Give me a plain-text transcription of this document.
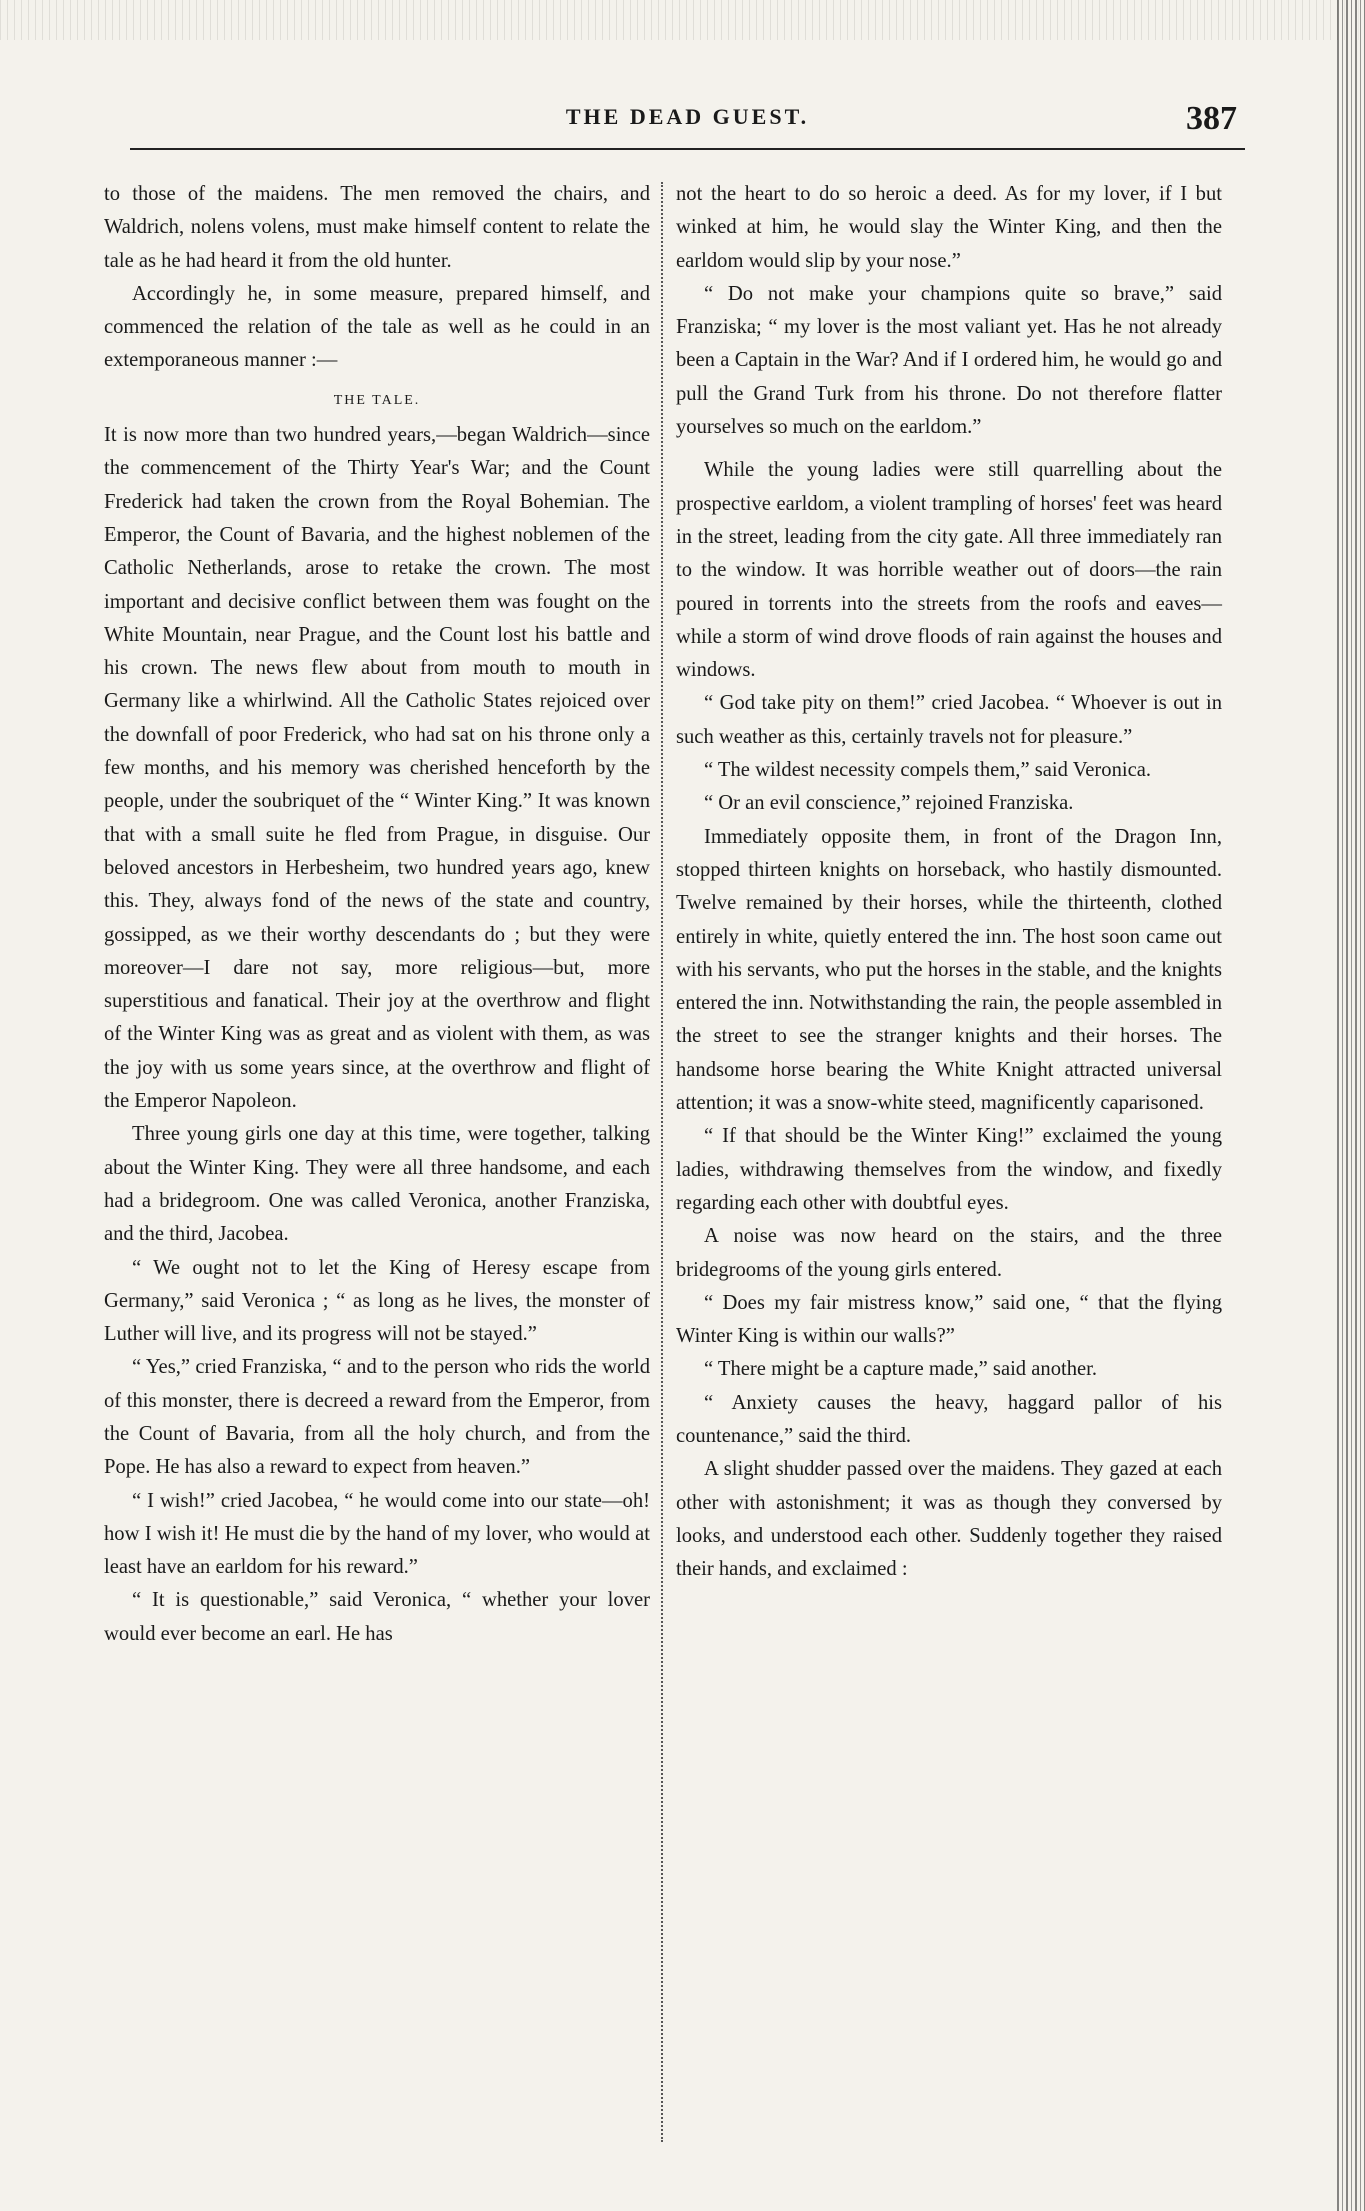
THE DEAD GUEST.	387

to those of the maidens. The men removed the chairs, and Waldrich, nolens volens, must make himself content to relate the tale as he had heard it from the old hunter.

Accordingly he, in some measure, prepared himself, and commenced the relation of the tale as well as he could in an extemporaneous manner :—

THE TALE.

It is now more than two hundred years,—began Waldrich—since the commencement of the Thirty Year's War; and the Count Frederick had taken the crown from the Royal Bohemian. The Emperor, the Count of Bavaria, and the highest noblemen of the Catholic Netherlands, arose to retake the crown. The most important and decisive conflict between them was fought on the White Mountain, near Prague, and the Count lost his battle and his crown. The news flew about from mouth to mouth in Germany like a whirlwind. All the Catholic States rejoiced over the downfall of poor Frederick, who had sat on his throne only a few months, and his memory was cherished henceforth by the people, under the soubriquet of the “ Winter King.” It was known that with a small suite he fled from Prague, in disguise. Our beloved ancestors in Herbesheim, two hundred years ago, knew this. They, always fond of the news of the state and country, gossipped, as we their worthy descendants do ; but they were moreover—I dare not say, more religious—but, more superstitious and fanatical. Their joy at the overthrow and flight of the Winter King was as great and as violent with them, as was the joy with us some years since, at the overthrow and flight of the Emperor Napoleon.

Three young girls one day at this time, were together, talking about the Winter King. They were all three handsome, and each had a bridegroom. One was called Veronica, another Franziska, and the third, Jacobea.

“ We ought not to let the King of Heresy escape from Germany,” said Veronica ; “ as long as he lives, the monster of Luther will live, and its progress will not be stayed.”

“ Yes,” cried Franziska, “ and to the person who rids the world of this monster, there is decreed a reward from the Emperor, from the Count of Bavaria, from all the holy church, and from the Pope. He has also a reward to expect from heaven.”

“ I wish!” cried Jacobea, “ he would come into our state—oh! how I wish it! He must die by the hand of my lover, who would at least have an earldom for his reward.”

“ It is questionable,” said Veronica, “ whether your lover would ever become an earl. He has

not the heart to do so heroic a deed. As for my lover, if I but winked at him, he would slay the Winter King, and then the earldom would slip by your nose.”

“ Do not make your champions quite so brave,” said Franziska; “ my lover is the most valiant yet. Has he not already been a Captain in the War? And if I ordered him, he would go and pull the Grand Turk from his throne. Do not therefore flatter yourselves so much on the earldom.”

While the young ladies were still quarrelling about the prospective earldom, a violent trampling of horses' feet was heard in the street, leading from the city gate. All three immediately ran to the window. It was horrible weather out of doors—the rain poured in torrents into the streets from the roofs and eaves—while a storm of wind drove floods of rain against the houses and windows.

“ God take pity on them!” cried Jacobea. “ Whoever is out in such weather as this, certainly travels not for pleasure.”

“ The wildest necessity compels them,” said Veronica.

“ Or an evil conscience,” rejoined Franziska.

Immediately opposite them, in front of the Dragon Inn, stopped thirteen knights on horseback, who hastily dismounted. Twelve remained by their horses, while the thirteenth, clothed entirely in white, quietly entered the inn. The host soon came out with his servants, who put the horses in the stable, and the knights entered the inn. Notwithstanding the rain, the people assembled in the street to see the stranger knights and their horses. The handsome horse bearing the White Knight attracted universal attention; it was a snow-white steed, magnificently caparisoned.

“ If that should be the Winter King!” exclaimed the young ladies, withdrawing themselves from the window, and fixedly regarding each other with doubtful eyes.

A noise was now heard on the stairs, and the three bridegrooms of the young girls entered.

“ Does my fair mistress know,” said one, “ that the flying Winter King is within our walls?”

“ There might be a capture made,” said another.

“ Anxiety causes the heavy, haggard pallor of his countenance,” said the third.

A slight shudder passed over the maidens. They gazed at each other with astonishment; it was as though they conversed by looks, and understood each other. Suddenly together they raised their hands, and exclaimed :
